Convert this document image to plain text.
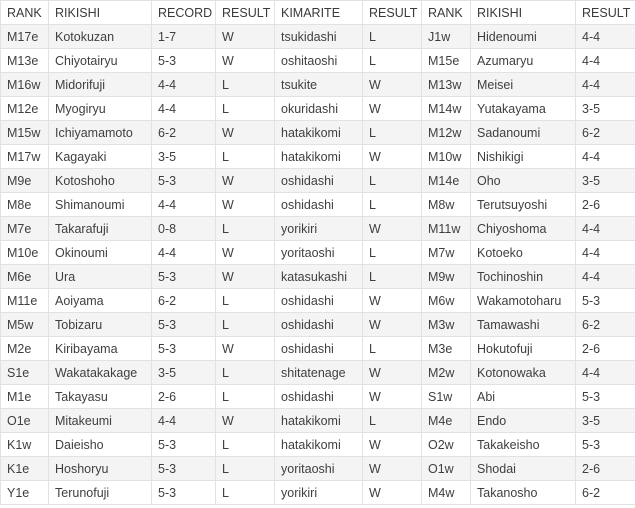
RANK	RIKISHI	RECORD	RESULT	KIMARITE	RESULT	RANK	RIKISHI	RESULT
M17e	Kotokuzan	1-7	W	tsukidashi	L	J1w	Hidenoumi	4-4
M13e	Chiyotairyu	5-3	W	oshitaoshi	L	M15e	Azumaryu	4-4
M16w	Midorifuji	4-4	L	tsukite	W	M13w	Meisei	4-4
M12e	Myogiryu	4-4	L	okuridashi	W	M14w	Yutakayama	3-5
M15w	Ichiyamamoto	6-2	W	hatakikomi	L	M12w	Sadanoumi	6-2
M17w	Kagayaki	3-5	L	hatakikomi	W	M10w	Nishikigi	4-4
M9e	Kotoshoho	5-3	W	oshidashi	L	M14e	Oho	3-5
M8e	Shimanoumi	4-4	W	oshidashi	L	M8w	Terutsuyoshi	2-6
M7e	Takarafuji	0-8	L	yorikiri	W	M11w	Chiyoshoma	4-4
M10e	Okinoumi	4-4	W	yoritaoshi	L	M7w	Kotoeko	4-4
M6e	Ura	5-3	W	katasukashi	L	M9w	Tochinoshin	4-4
M11e	Aoiyama	6-2	L	oshidashi	W	M6w	Wakamotoharu	5-3
M5w	Tobizaru	5-3	L	oshidashi	W	M3w	Tamawashi	6-2
M2e	Kiribayama	5-3	W	oshidashi	L	M3e	Hokutofuji	2-6
S1e	Wakatakakage	3-5	L	shitatenage	W	M2w	Kotonowaka	4-4
M1e	Takayasu	2-6	L	oshidashi	W	S1w	Abi	5-3
O1e	Mitakeumi	4-4	W	hatakikomi	L	M4e	Endo	3-5
K1w	Daieisho	5-3	L	hatakikomi	W	O2w	Takakeisho	5-3
K1e	Hoshoryu	5-3	L	yoritaoshi	W	O1w	Shodai	2-6
Y1e	Terunofuji	5-3	L	yorikiri	W	M4w	Takanosho	6-2
